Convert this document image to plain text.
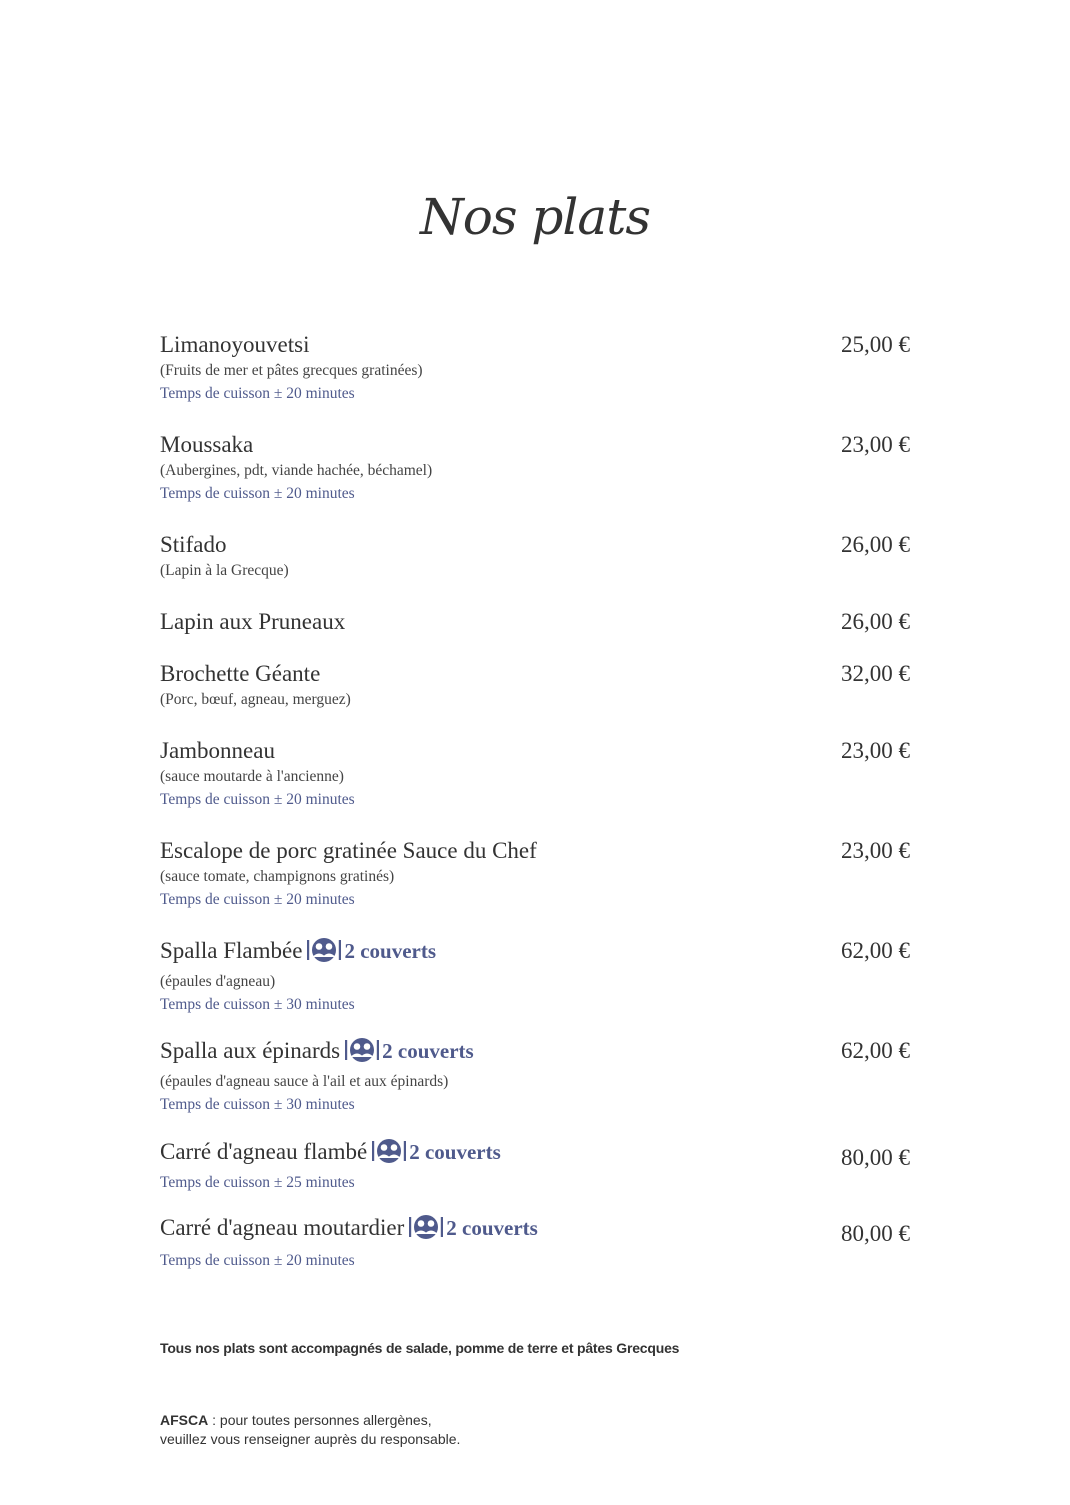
Nos plats
Limanoyouvetsi	25,00 €
(Fruits de mer et pâtes grecques gratinées)
Temps de cuisson ± 20 minutes
Moussaka	23,00 €
(Aubergines, pdt, viande hachée, béchamel)
Temps de cuisson ± 20 minutes
Stifado	26,00 €
(Lapin à la Grecque)
Lapin aux Pruneaux	26,00 €
Brochette Géante	32,00 €
(Porc, bœuf, agneau, merguez)
Jambonneau	23,00 €
(sauce moutarde à l'ancienne)
Temps de cuisson ± 20 minutes
Escalope de porc gratinée Sauce du Chef	23,00 €
(sauce tomate, champignons gratinés)
Temps de cuisson ± 20 minutes
Spalla Flambée 2 couverts	62,00 €
(épaules d'agneau)
Temps de cuisson ± 30 minutes
Spalla aux épinards 2 couverts	62,00 €
(épaules d'agneau sauce à l'ail et aux épinards)
Temps de cuisson ± 30 minutes
Carré d'agneau flambé 2 couverts	80,00 €
Temps de cuisson ± 25 minutes
Carré d'agneau moutardier 2 couverts	80,00 €
Temps de cuisson ± 20 minutes
Tous nos plats sont accompagnés de salade, pomme de terre et pâtes Grecques
AFSCA : pour toutes personnes allergènes,
veuillez vous renseigner auprès du responsable.
